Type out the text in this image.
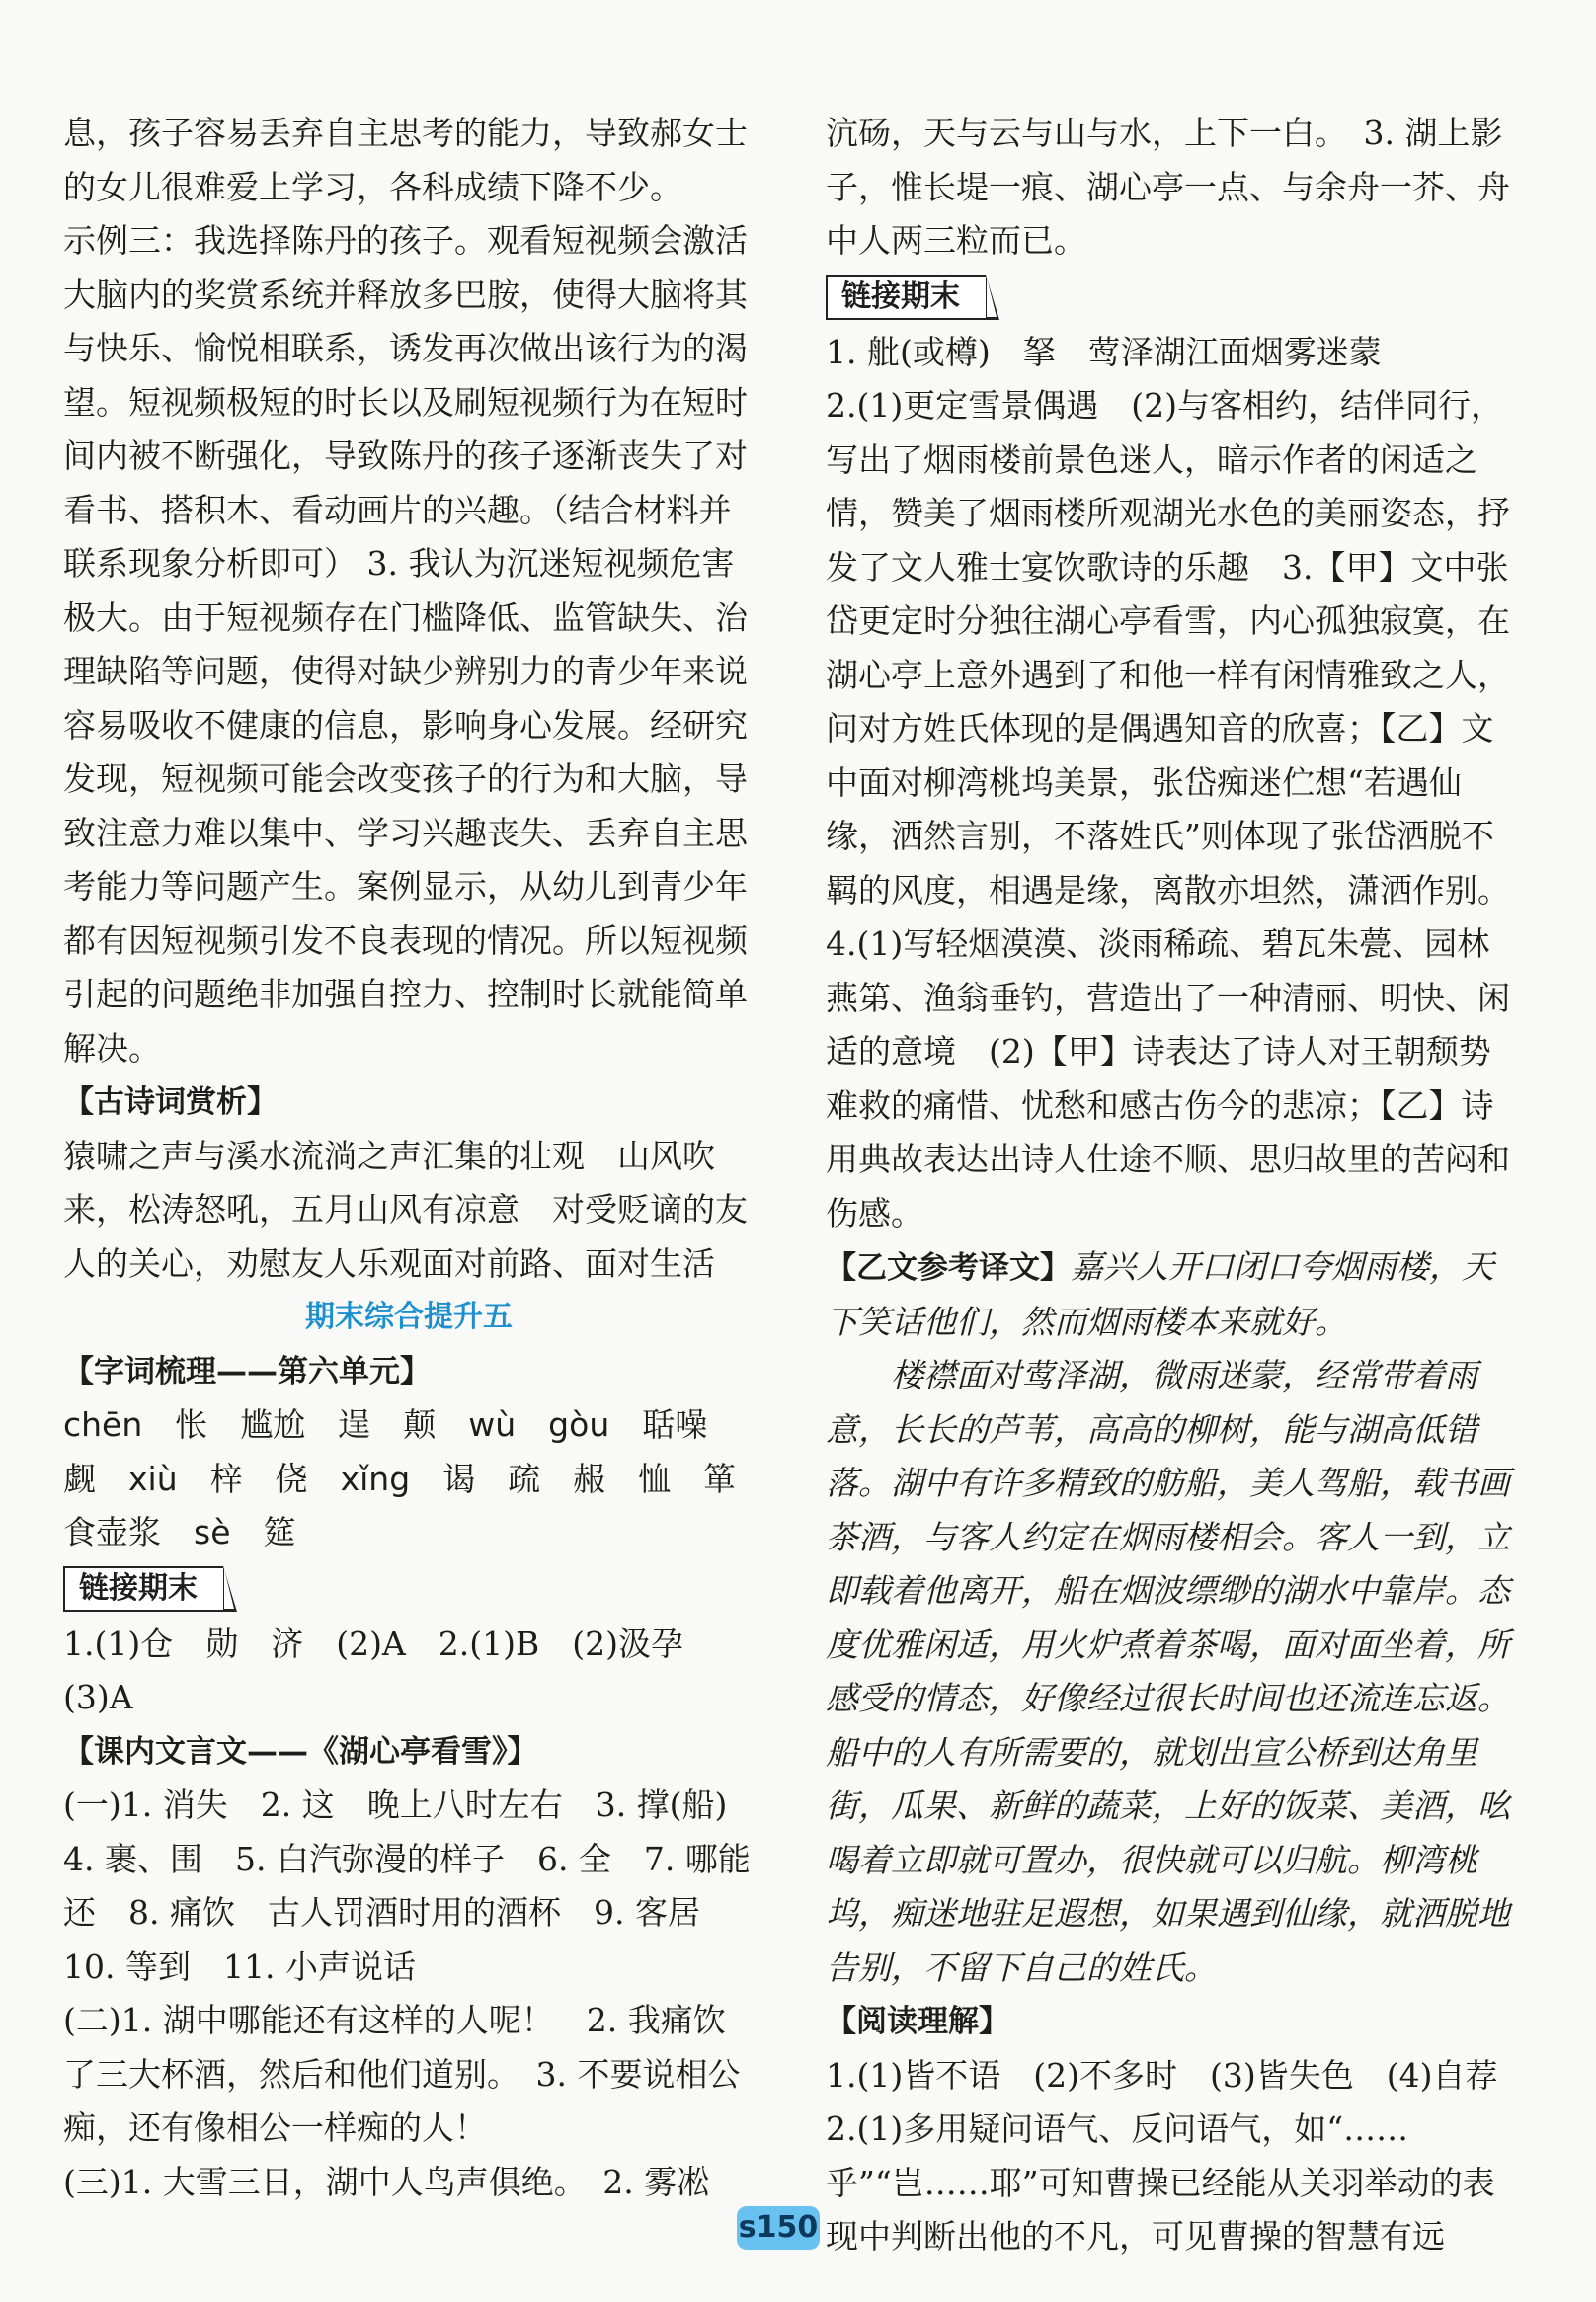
息，孩子容易丢弃自主思考的能力，导致郝女士的女儿很难爱上学习，各科成绩下降不少。

示例三：我选择陈丹的孩子。观看短视频会激活大脑内的奖赏系统并释放多巴胺，使得大脑将其与快乐、愉悦相联系，诱发再次做出该行为的渴望。短视频极短的时长以及刷短视频行为在短时间内被不断强化，导致陈丹的孩子逐渐丧失了对看书、搭积木、看动画片的兴趣。（结合材料并联系现象分析即可） 3. 我认为沉迷短视频危害极大。由于短视频存在门槛降低、监管缺失、治理缺陷等问题，使得对缺少辨别力的青少年来说容易吸收不健康的信息，影响身心发展。经研究发现，短视频可能会改变孩子的行为和大脑，导致注意力难以集中、学习兴趣丧失、丢弃自主思考能力等问题产生。案例显示，从幼儿到青少年都有因短视频引发不良表现的情况。所以短视频引起的问题绝非加强自控力、控制时长就能简单解决。

【古诗词赏析】

猿啸之声与溪水流淌之声汇集的壮观　山风吹来，松涛怒吼，五月山风有凉意　对受贬谪的友人的关心，劝慰友人乐观面对前路、面对生活

期末综合提升五

【字词梳理——第六单元】

chēn　怅　尴尬　逞　颠　wù　gòu　聒噪　觑　xiù　梓　侥　xǐng　谒　疏　赧　恤　箪食壶浆　sè　筵

链接期末

1.(1)仓　勋　济　(2)A　2.(1)B　(2)汲孕　(3)A

【课内文言文——《湖心亭看雪》】

(一)1. 消失　2. 这　晚上八时左右　3. 撑(船)　4. 裹、围　5. 白汽弥漫的样子　6. 全　7. 哪能还　8. 痛饮　古人罚酒时用的酒杯　9. 客居　10. 等到　11. 小声说话

(二)1. 湖中哪能还有这样的人呢！　2. 我痛饮了三大杯酒，然后和他们道别。　3. 不要说相公痴，还有像相公一样痴的人！

(三)1. 大雪三日，湖中人鸟声俱绝。　2. 雾凇

沆砀，天与云与山与水，上下一白。　3. 湖上影子，惟长堤一痕、湖心亭一点、与余舟一芥、舟中人两三粒而已。

链接期末

1. 舭(或樽)　拏　莺泽湖江面烟雾迷蒙

2.(1)更定雪景偶遇　(2)与客相约，结伴同行，写出了烟雨楼前景色迷人，暗示作者的闲适之情，赞美了烟雨楼所观湖光水色的美丽姿态，抒发了文人雅士宴饮歌诗的乐趣　3.【甲】文中张岱更定时分独往湖心亭看雪，内心孤独寂寞，在湖心亭上意外遇到了和他一样有闲情雅致之人，问对方姓氏体现的是偶遇知音的欣喜；【乙】文中面对柳湾桃坞美景，张岱痴迷伫想“若遇仙缘，洒然言别，不落姓氏”则体现了张岱洒脱不羁的风度，相遇是缘，离散亦坦然，潇洒作别。

4.(1)写轻烟漠漠、淡雨稀疏、碧瓦朱甍、园林燕第、渔翁垂钓，营造出了一种清丽、明快、闲适的意境　(2)【甲】诗表达了诗人对王朝颓势难救的痛惜、忧愁和感古伤今的悲凉；【乙】诗用典故表达出诗人仕途不顺、思归故里的苦闷和伤感。

【乙文参考译文】嘉兴人开口闭口夸烟雨楼，天下笑话他们，然而烟雨楼本来就好。

楼襟面对莺泽湖，微雨迷蒙，经常带着雨意，长长的芦苇，高高的柳树，能与湖高低错落。湖中有许多精致的舫船，美人驾船，载书画茶酒，与客人约定在烟雨楼相会。客人一到，立即载着他离开，船在烟波缥缈的湖水中靠岸。态度优雅闲适，用火炉煮着茶喝，面对面坐着，所感受的情态，好像经过很长时间也还流连忘返。船中的人有所需要的，就划出宣公桥到达角里街，瓜果、新鲜的蔬菜，上好的饭菜、美酒，吆喝着立即就可置办，很快就可以归航。柳湾桃坞，痴迷地驻足遐想，如果遇到仙缘，就洒脱地告别，不留下自己的姓氏。

【阅读理解】

1.(1)皆不语　(2)不多时　(3)皆失色　(4)自荐　2.(1)多用疑问语气、反问语气，如“……乎”“岂……耶”可知曹操已经能从关羽举动的表现中判断出他的不凡，可见曹操的智慧有远

s150
